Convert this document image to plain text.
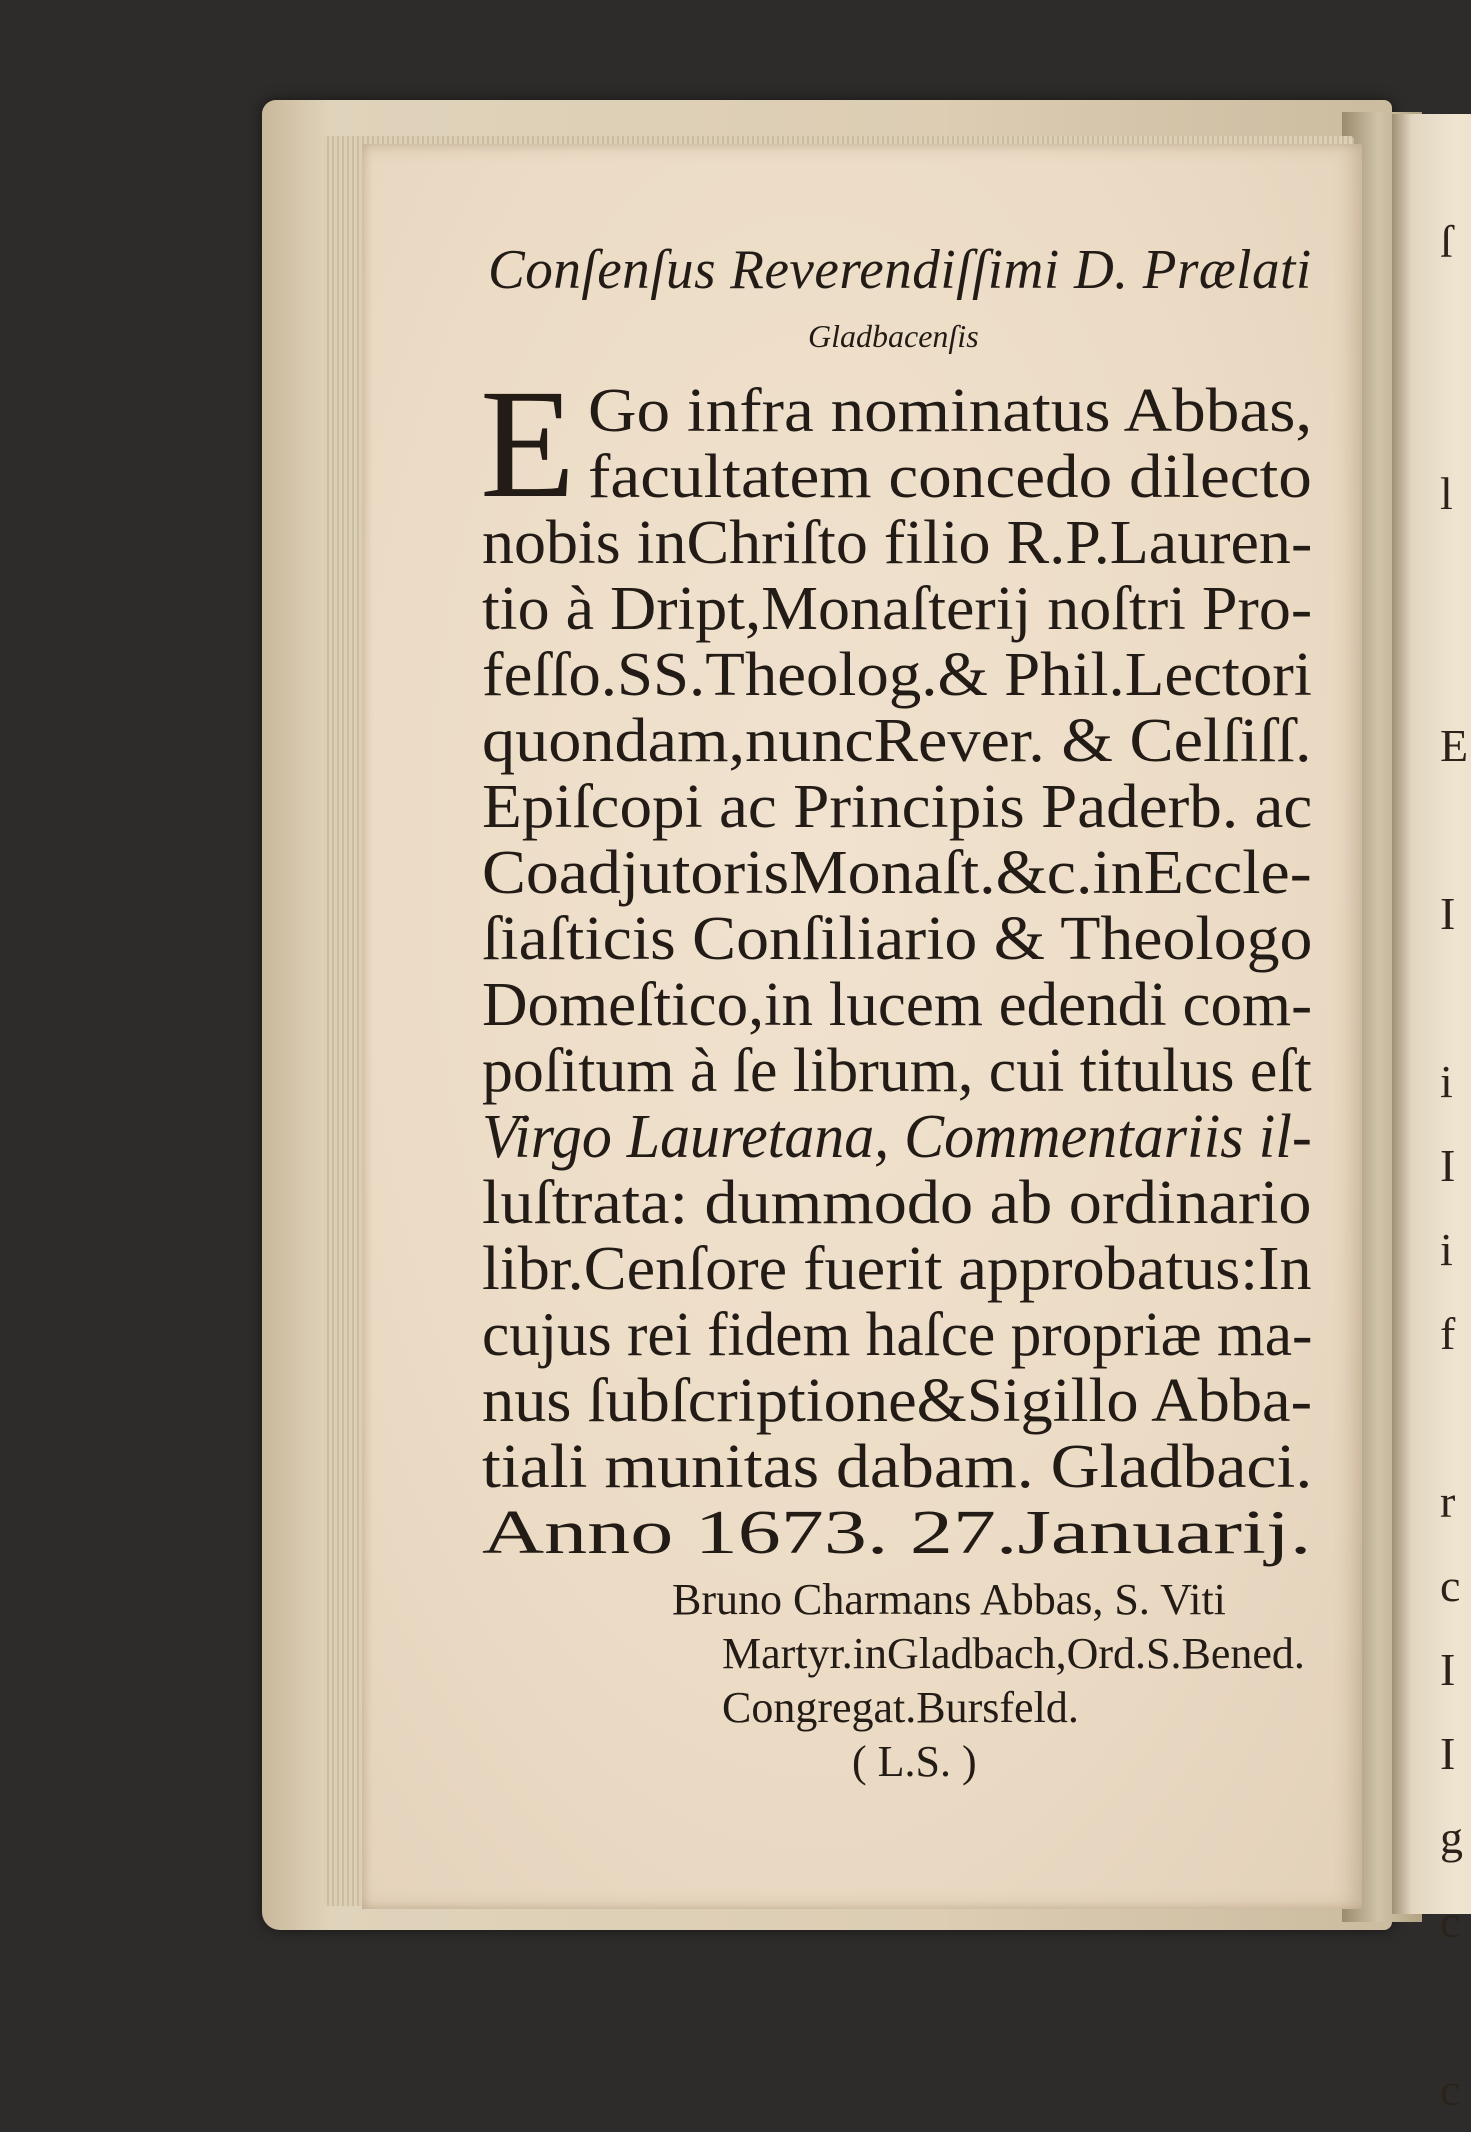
ſ

l

E

I

i
I
i
f

r
c
I
I
g
c

c
Conſenſus Reverendiſſimi D. Prælati
Gladbacenſis
E Go infra nominatus Abbas,
facultatem concedo dilecto
nobis inChriſto filio R.P.Lauren-
tio à Dript,Monaſterij noſtri Pro-
feſſo.SS.Theolog.& Phil.Lectori
quondam,nuncRever. & Celſiſſ.
Epiſcopi ac Principis Paderb. ac
CoadjutorisMonaſt.&c.inEccle-
ſiaſticis Conſiliario & Theologo
Domeſtico,in lucem edendi com-
poſitum à ſe librum, cui titulus eſt
Virgo Lauretana, Commentariis il-
luſtrata: dummodo ab ordinario
libr.Cenſore fuerit approbatus:In
cujus rei fidem haſce propriæ ma-
nus ſubſcriptione&Sigillo Abba-
tiali munitas dabam. Gladbaci.
Anno 1673. 27.Januarij.
Bruno Charmans Abbas, S. Viti
Martyr.inGladbach,Ord.S.Bened.
Congregat.Bursfeld.
( L.S. )
